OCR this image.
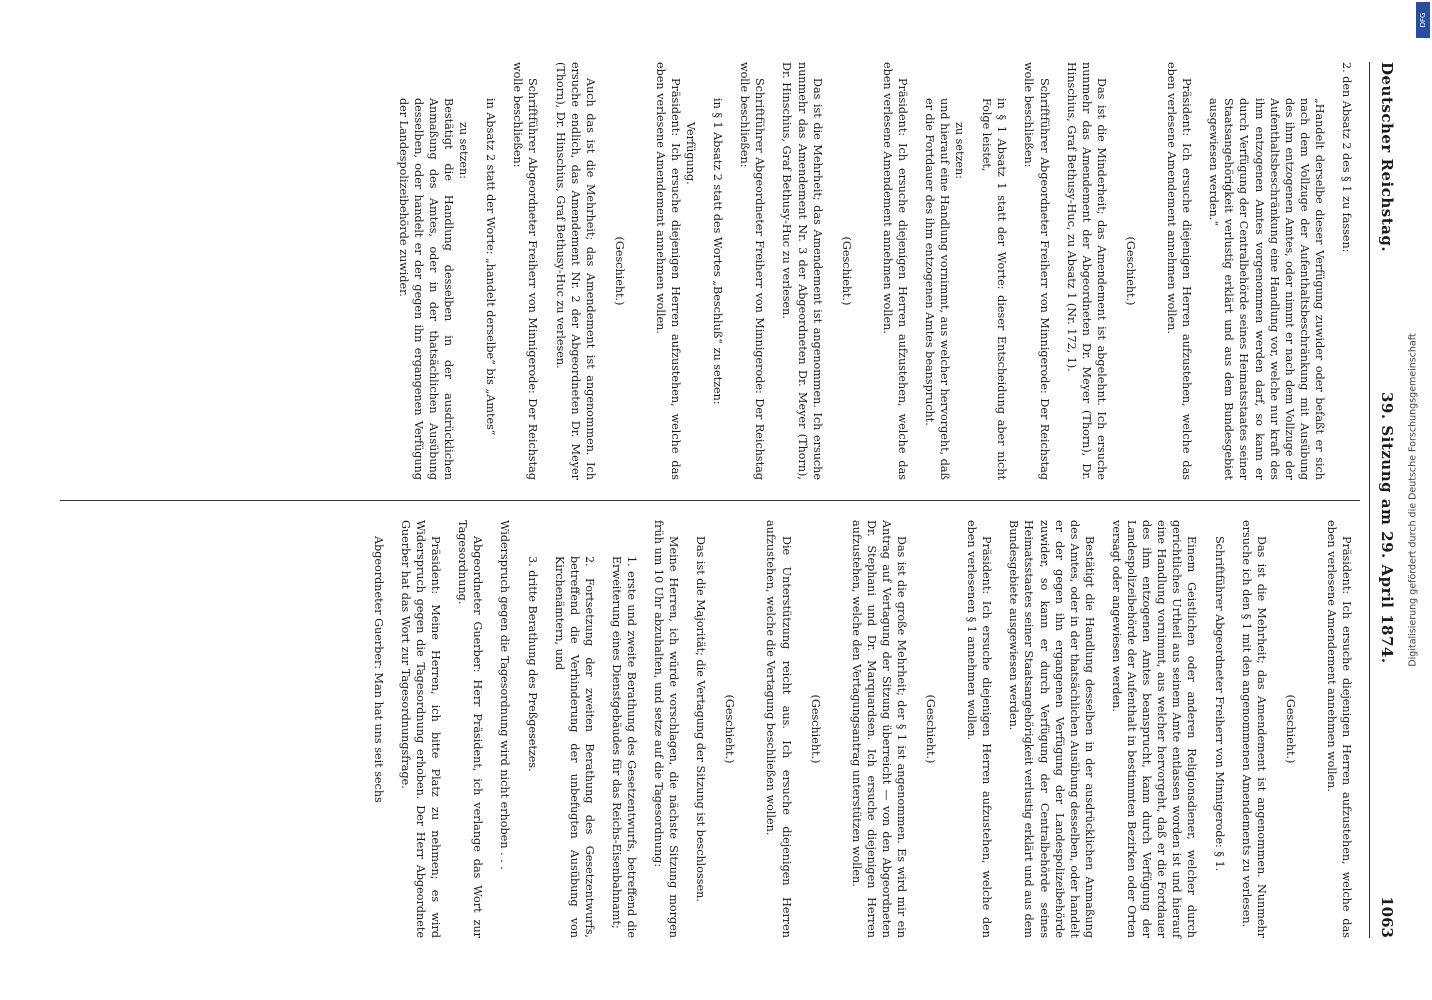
Deutscher Reichstag.
39. Sitzung am 29. April 1874.
1063

2. den Absatz 2 des § 1 zu fassen:

„Handelt derselbe dieser Verfügung zuwider oder befaßt er sich nach dem Vollzuge der Aufenthaltsbeschränkung mit Ausübung des ihm entzogenen Amtes, oder nimmt er nach dem Vollzuge der Aufenthaltsbeschränkung eine Handlung vor, welche nur kraft des ihm entzogenen Amtes vorgenommen werden darf, so kann er durch Verfügung der Centralbehörde seines Heimatsstaates seiner Staatsangehörigkeit verlustig erklärt und aus dem Bundesgebiet ausgewiesen werden.“

Präsident: Ich ersuche diejenigen Herren aufzustehen, welche das eben verlesene Amendement annehmen wollen.

(Geschieht.)

Das ist die Minderheit; das Amendement ist abgelehnt. Ich ersuche nunmehr das Amendement der Abgeordneten Dr. Meyer (Thorn), Dr. Hinschius, Graf Bethusy-Huc, zu Absatz 1 (Nr. 172, 1).

Schriftführer Abgeordneter Freiherr von Minnigerode: Der Reichstag wolle beschließen:

in § 1 Absatz 1 statt der Worte: dieser Entscheidung aber nicht Folge leistet,

zu setzen:

und hierauf eine Handlung vornimmt, aus welcher hervorgeht, daß er die Fortdauer des ihm entzogenen Amtes beansprucht.

Präsident: Ich ersuche diejenigen Herren aufzustehen, welche das eben verlesene Amendement annehmen wollen.

(Geschieht.)

Das ist die Mehrheit; das Amendement ist angenommen. Ich ersuche nunmehr das Amendement Nr. 3 der Abgeordneten Dr. Meyer (Thorn), Dr. Hinschius, Graf Bethusy-Huc zu verlesen.

Schriftführer Abgeordneter Freiherr von Minnigerode: Der Reichstag wolle beschließen:

in § 1 Absatz 2 statt des Wortes „Beschluß“ zu setzen:

Verfügung.

Präsident: Ich ersuche diejenigen Herren aufzustehen, welche das eben verlesene Amendement annehmen wollen.

(Geschieht.)

Auch das ist die Mehrheit; das Amendement ist angenommen. Ich ersuche endlich, das Amendement Nr. 2 der Abgeordneten Dr. Meyer (Thorn), Dr. Hinschius, Graf Bethusy-Huc zu verlesen.

Schriftführer Abgeordneter Freiherr von Minnigerode: Der Reichstag wolle beschließen:

in Absatz 2 statt der Worte: „handelt derselbe“ bis „Amtes“

zu setzen:

Bestätigt die Handlung desselben in der ausdrücklichen Anmaßung des Amtes, oder in der thatsächlichen Ausübung desselben, oder handelt er der gegen ihn ergangenen Verfügung der Landespolizeibehörde zuwider.

Präsident: Ich ersuche diejenigen Herren aufzustehen, welche das eben verlesene Amendement annehmen wollen.

(Geschieht.)

Das ist die Mehrheit; das Amendement ist angenommen. Nunmehr ersuche ich den § 1 mit den angenommenen Amendements zu verlesen.

Schriftführer Abgeordneter Freiherr von Minnigerode: § 1.

Einem Geistlichen oder anderen Religionsdiener, welcher durch gerichtliches Urtheil aus seinem Amte entlassen worden ist und hierauf eine Handlung vornimmt, aus welcher hervorgeht, daß er die Fortdauer des ihm entzogenen Amtes beansprucht, kann durch Verfügung der Landespolizeibehörde der Aufenthalt in bestimmten Bezirken oder Orten versagt oder angewiesen werden.

Bestätigt die Handlung desselben in der ausdrücklichen Anmaßung des Amtes, oder in der thatsächlichen Ausübung desselben, oder handelt er der gegen ihn ergangenen Verfügung der Landespolizeibehörde zuwider, so kann er durch Verfügung der Centralbehörde seines Heimatsstaates seiner Staatsangehörigkeit verlustig erklärt und aus dem Bundesgebiete ausgewiesen werden.

Präsident: Ich ersuche diejenigen Herren aufzustehen, welche den eben verlesenen § 1 annehmen wollen.

(Geschieht.)

Das ist die große Mehrheit; der § 1 ist angenommen. Es wird mir ein Antrag auf Vertagung der Sitzung überreicht — von den Abgeordneten Dr. Stephani und Dr. Marquardsen. Ich ersuche diejenigen Herren aufzustehen, welche den Vertagungsantrag unterstützen wollen.

(Geschieht.)

Die Unterstützung reicht aus. Ich ersuche diejenigen Herren aufzustehen, welche die Vertagung beschließen wollen.

(Geschieht.)

Das ist die Majorität; die Vertagung der Sitzung ist beschlossen.

Meine Herren, ich würde vorschlagen, die nächste Sitzung morgen früh um 10 Uhr abzuhalten, und setze auf die Tagesordnung:

1. erste und zweite Berathung des Gesetzentwurfs, betreffend die Erweiterung eines Dienstgebäudes für das Reichs-Eisenbahnamt;

2. Fortsetzung der zweiten Berathung des Gesetzentwurfs, betreffend die Verhinderung der unbefugten Ausübung von Kirchenämtern, und

3. dritte Berathung des Preßgesetzes.

Widerspruch gegen die Tagesordnung wird nicht erhoben . . .

Abgeordneter Guerber: Herr Präsident, ich verlange das Wort zur Tagesordnung.

Präsident: Meine Herren, ich bitte Platz zu nehmen; es wird Widerspruch gegen die Tagesordnung erhoben. Der Herr Abgeordnete Guerber hat das Wort zur Tagesordnungsfrage.

Abgeordneter Guerber: Man hat uns seit sechs

Digitalisierung gefördert durch die Deutsche Forschungsgemeinschaft
DFG
